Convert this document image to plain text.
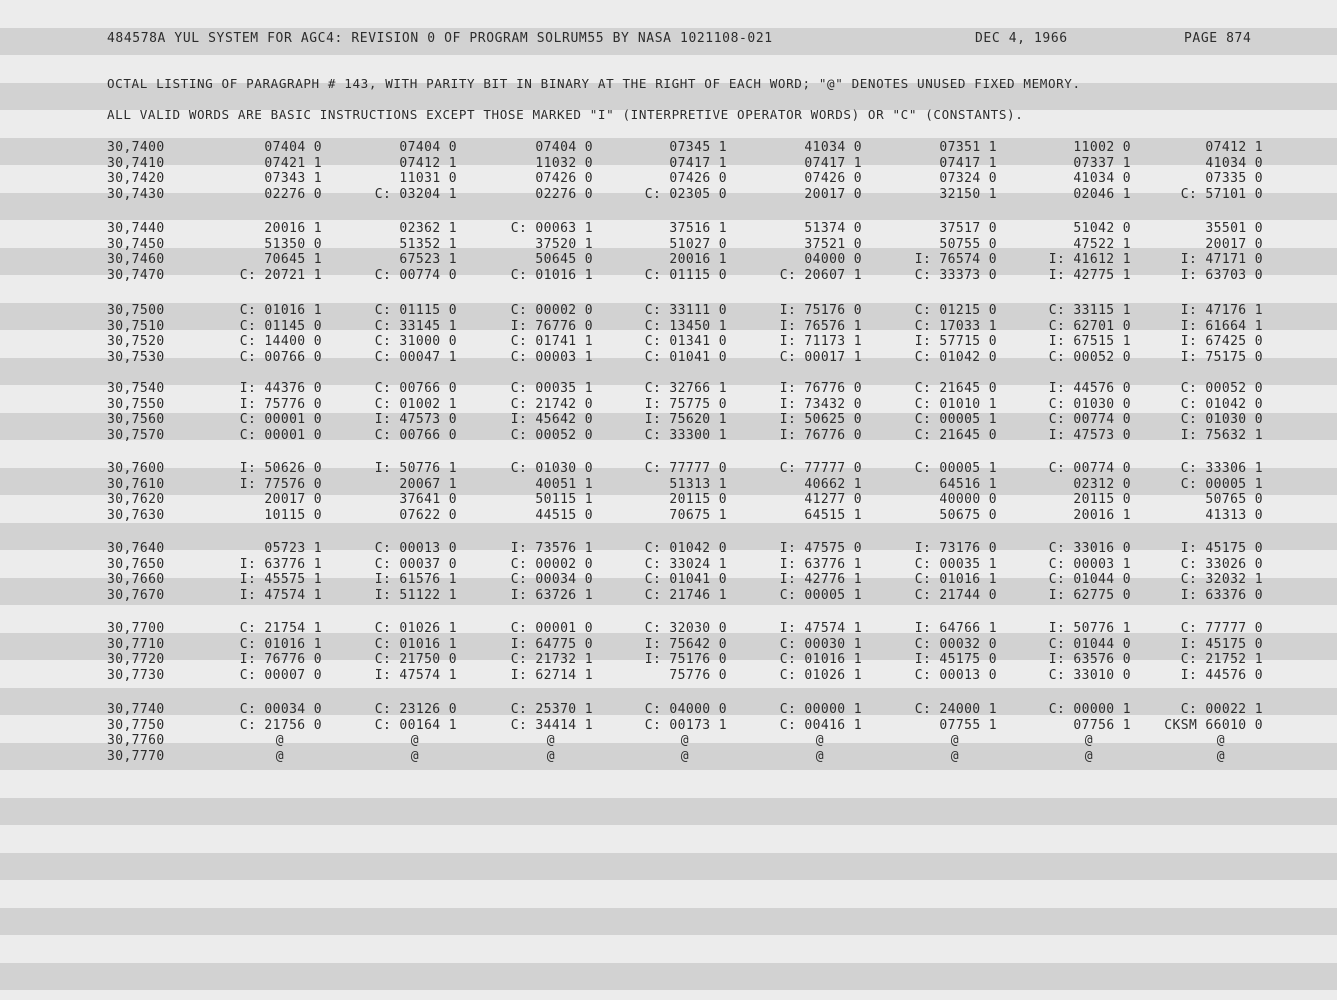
484578A YUL SYSTEM FOR AGC4: REVISION 0 OF PROGRAM SOLRUM55 BY NASA 1021108-021	DEC 4, 1966	PAGE 874
OCTAL LISTING OF PARAGRAPH # 143, WITH PARITY BIT IN BINARY AT THE RIGHT OF EACH WORD; "@" DENOTES UNUSED FIXED MEMORY.
ALL VALID WORDS ARE BASIC INSTRUCTIONS EXCEPT THOSE MARKED "I" (INTERPRETIVE OPERATOR WORDS) OR "C" (CONSTANTS).
30,7400	07404 0	07404 0	07404 0	07345 1	41034 0	07351 1	11002 0	07412 1
30,7410	07421 1	07412 1	11032 0	07417 1	07417 1	07417 1	07337 1	41034 0
30,7420	07343 1	11031 0	07426 0	07426 0	07426 0	07324 0	41034 0	07335 0
30,7430	02276 0	C: 03204 1	02276 0	C: 02305 0	20017 0	32150 1	02046 1	C: 57101 0
30,7440	20016 1	02362 1	C: 00063 1	37516 1	51374 0	37517 0	51042 0	35501 0
30,7450	51350 0	51352 1	37520 1	51027 0	37521 0	50755 0	47522 1	20017 0
30,7460	70645 1	67523 1	50645 0	20016 1	04000 0	I: 76574 0	I: 41612 1	I: 47171 0
30,7470	C: 20721 1	C: 00774 0	C: 01016 1	C: 01115 0	C: 20607 1	C: 33373 0	I: 42775 1	I: 63703 0
30,7500	C: 01016 1	C: 01115 0	C: 00002 0	C: 33111 0	I: 75176 0	C: 01215 0	C: 33115 1	I: 47176 1
30,7510	C: 01145 0	C: 33145 1	I: 76776 0	C: 13450 1	I: 76576 1	C: 17033 1	C: 62701 0	I: 61664 1
30,7520	C: 14400 0	C: 31000 0	C: 01741 1	C: 01341 0	I: 71173 1	I: 57715 0	I: 67515 1	I: 67425 0
30,7530	C: 00766 0	C: 00047 1	C: 00003 1	C: 01041 0	C: 00017 1	C: 01042 0	C: 00052 0	I: 75175 0
30,7540	I: 44376 0	C: 00766 0	C: 00035 1	C: 32766 1	I: 76776 0	C: 21645 0	I: 44576 0	C: 00052 0
30,7550	I: 75776 0	C: 01002 1	C: 21742 0	I: 75775 0	I: 73432 0	C: 01010 1	C: 01030 0	C: 01042 0
30,7560	C: 00001 0	I: 47573 0	I: 45642 0	I: 75620 1	I: 50625 0	C: 00005 1	C: 00774 0	C: 01030 0
30,7570	C: 00001 0	C: 00766 0	C: 00052 0	C: 33300 1	I: 76776 0	C: 21645 0	I: 47573 0	I: 75632 1
30,7600	I: 50626 0	I: 50776 1	C: 01030 0	C: 77777 0	C: 77777 0	C: 00005 1	C: 00774 0	C: 33306 1
30,7610	I: 77576 0	20067 1	40051 1	51313 1	40662 1	64516 1	02312 0	C: 00005 1
30,7620	20017 0	37641 0	50115 1	20115 0	41277 0	40000 0	20115 0	50765 0
30,7630	10115 0	07622 0	44515 0	70675 1	64515 1	50675 0	20016 1	41313 0
30,7640	05723 1	C: 00013 0	I: 73576 1	C: 01042 0	I: 47575 0	I: 73176 0	C: 33016 0	I: 45175 0
30,7650	I: 63776 1	C: 00037 0	C: 00002 0	C: 33024 1	I: 63776 1	C: 00035 1	C: 00003 1	C: 33026 0
30,7660	I: 45575 1	I: 61576 1	C: 00034 0	C: 01041 0	I: 42776 1	C: 01016 1	C: 01044 0	C: 32032 1
30,7670	I: 47574 1	I: 51122 1	I: 63726 1	C: 21746 1	C: 00005 1	C: 21744 0	I: 62775 0	I: 63376 0
30,7700	C: 21754 1	C: 01026 1	C: 00001 0	C: 32030 0	I: 47574 1	I: 64766 1	I: 50776 1	C: 77777 0
30,7710	C: 01016 1	C: 01016 1	I: 64775 0	I: 75642 0	C: 00030 1	C: 00032 0	C: 01044 0	I: 45175 0
30,7720	I: 76776 0	C: 21750 0	C: 21732 1	I: 75176 0	C: 01016 1	I: 45175 0	I: 63576 0	C: 21752 1
30,7730	C: 00007 0	I: 47574 1	I: 62714 1	75776 0	C: 01026 1	C: 00013 0	C: 33010 0	I: 44576 0
30,7740	C: 00034 0	C: 23126 0	C: 25370 1	C: 04000 0	C: 00000 1	C: 24000 1	C: 00000 1	C: 00022 1
30,7750	C: 21756 0	C: 00164 1	C: 34414 1	C: 00173 1	C: 00416 1	07755 1	07756 1	CKSM 66010 0
30,7760	@	@	@	@	@	@	@	@
30,7770	@	@	@	@	@	@	@	@
